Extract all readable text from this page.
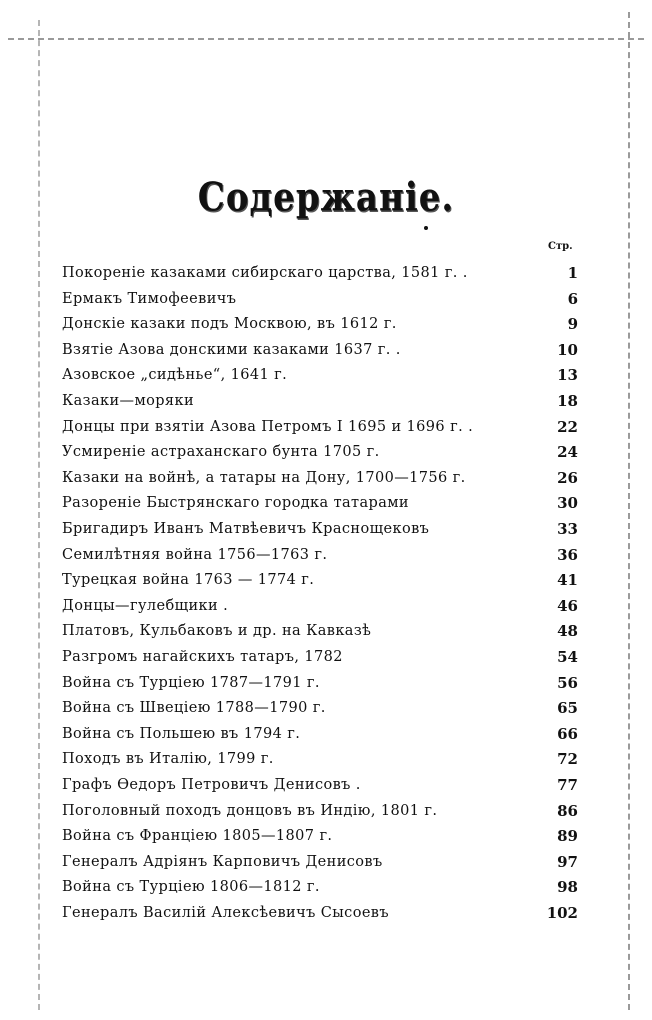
Содержаніе.
Стр.
Покореніе казаками сибирскаго царства, 1581 г. .	1
Ермакъ Тимофеевичъ	6
Донскіе казаки подъ Москвою, въ 1612 г.	9
Взятіе Азова донскими казаками 1637 г. .	10
Азовское „сидѣнье“, 1641 г.	13
Казаки—моряки	18
Донцы при взятіи Азова Петромъ I 1695 и 1696 г. .	22
Усмиреніе астраханскаго бунта 1705 г.	24
Казаки на войнѣ, а татары на Дону, 1700—1756 г.	26
Разореніе Быстрянскаго городка татарами	30
Бригадиръ Иванъ Матвѣевичъ Краснощековъ	33
Семилѣтняя война 1756—1763 г.	36
Турецкая война 1763 — 1774 г.	41
Донцы—гулебщики .	46
Платовъ, Кульбаковъ и др. на Кавказѣ	48
Разгромъ нагайскихъ татаръ, 1782	54
Война съ Турціею 1787—1791 г.	56
Война съ Швеціею 1788—1790 г.	65
Война съ Польшею въ 1794 г.	66
Походъ въ Италію, 1799 г.	72
Графъ Өедоръ Петровичъ Денисовъ .	77
Поголовный походъ донцовъ въ Индію, 1801 г.	86
Война съ Франціею 1805—1807 г.	89
Генералъ Адріянъ Карповичъ Денисовъ	97
Война съ Турціею 1806—1812 г.	98
Генералъ Василій Алексѣевичъ Сысоевъ	102
